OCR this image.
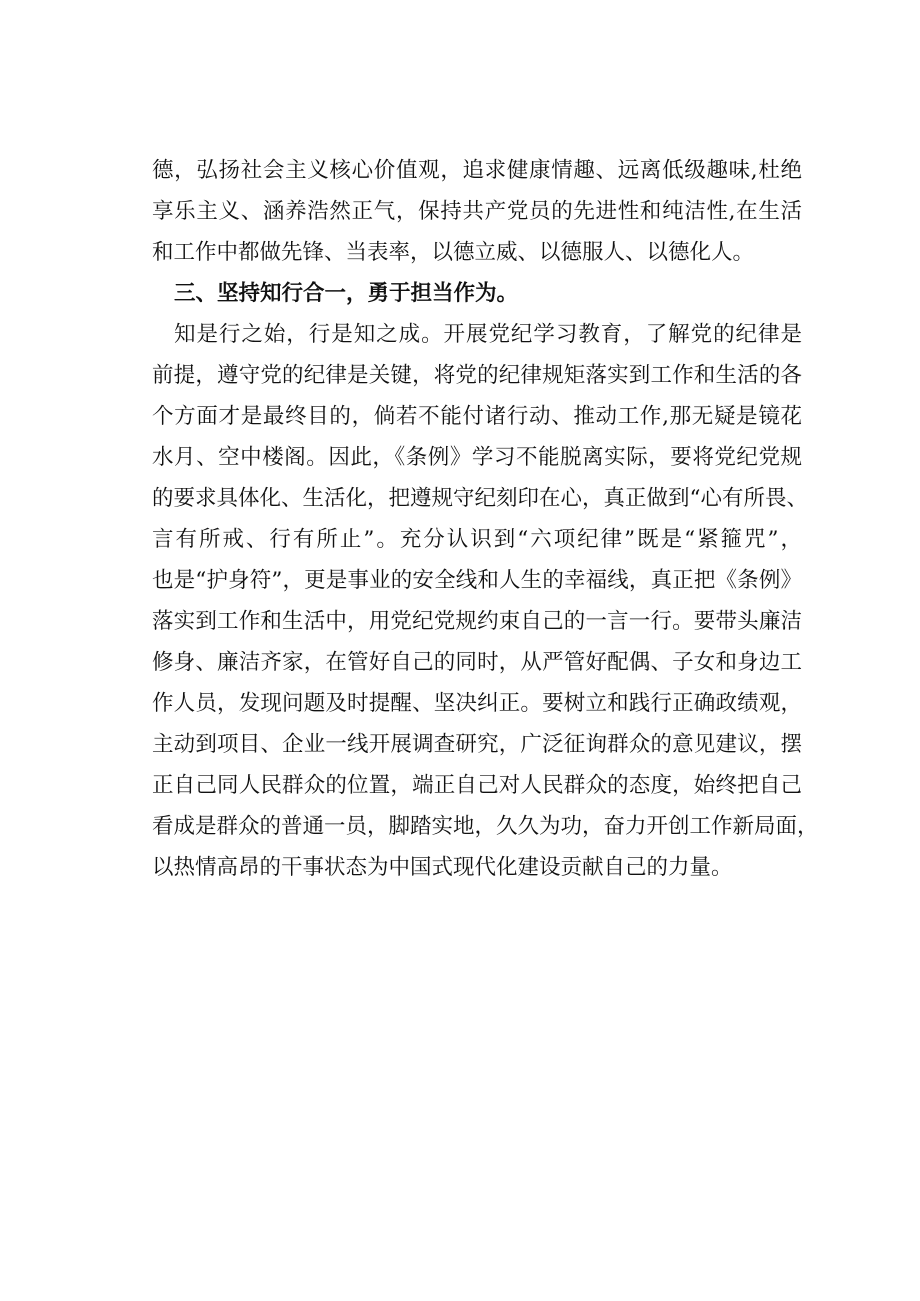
德，弘扬社会主义核心价值观，追求健康情趣、远离低级趣味,杜绝
享乐主义、涵养浩然正气，保持共产党员的先进性和纯洁性,在生活
和工作中都做先锋、当表率，以德立威、以德服人、以德化人。
三、坚持知行合一，勇于担当作为。
知是行之始，行是知之成。开展党纪学习教育，了解党的纪律是
前提，遵守党的纪律是关键，将党的纪律规矩落实到工作和生活的各
个方面才是最终目的，倘若不能付诸行动、推动工作,那无疑是镜花
水月、空中楼阁。因此，《条例》学习不能脱离实际，要将党纪党规
的要求具体化、生活化，把遵规守纪刻印在心，真正做到“心有所畏、
言有所戒、行有所止”。充分认识到“六项纪律”既是“紧箍咒”，
也是“护身符”，更是事业的安全线和人生的幸福线，真正把《条例》
落实到工作和生活中，用党纪党规约束自己的一言一行。要带头廉洁
修身、廉洁齐家，在管好自己的同时，从严管好配偶、子女和身边工
作人员，发现问题及时提醒、坚决纠正。要树立和践行正确政绩观，
主动到项目、企业一线开展调查研究，广泛征询群众的意见建议，摆
正自己同人民群众的位置，端正自己对人民群众的态度，始终把自己
看成是群众的普通一员，脚踏实地，久久为功，奋力开创工作新局面，
以热情高昂的干事状态为中国式现代化建设贡献自己的力量。
